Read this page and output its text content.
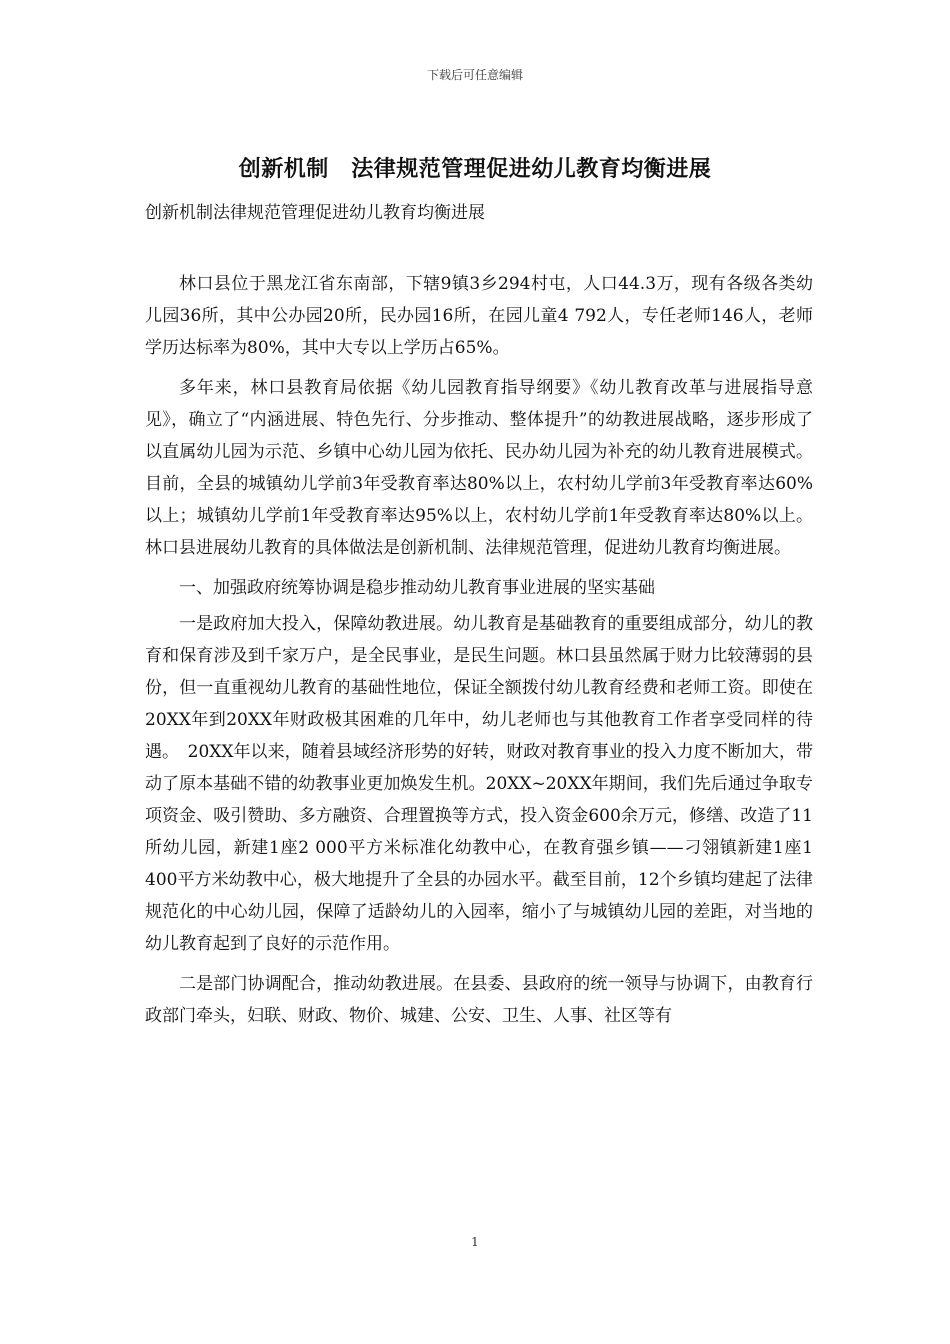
下载后可任意编辑
创新机制　法律规范管理促进幼儿教育均衡进展

创新机制法律规范管理促进幼儿教育均衡进展

林口县位于黑龙江省东南部，下辖9镇3乡294村屯，人口44.3万，现有各级各类幼儿园36所，其中公办园20所，民办园16所，在园儿童4 792人，专任老师146人，老师学历达标率为80%，其中大专以上学历占65%。

多年来，林口县教育局依据《幼儿园教育指导纲要》《幼儿教育改革与进展指导意见》，确立了“内涵进展、特色先行、分步推动、整体提升”的幼教进展战略，逐步形成了以直属幼儿园为示范、乡镇中心幼儿园为依托、民办幼儿园为补充的幼儿教育进展模式。目前，全县的城镇幼儿学前3年受教育率达80%以上，农村幼儿学前3年受教育率达60%以上；城镇幼儿学前1年受教育率达95%以上，农村幼儿学前1年受教育率达80%以上。林口县进展幼儿教育的具体做法是创新机制、法律规范管理，促进幼儿教育均衡进展。

一、加强政府统筹协调是稳步推动幼儿教育事业进展的坚实基础

一是政府加大投入，保障幼教进展。幼儿教育是基础教育的重要组成部分，幼儿的教育和保育涉及到千家万户，是全民事业，是民生问题。林口县虽然属于财力比较薄弱的县份，但一直重视幼儿教育的基础性地位，保证全额拨付幼儿教育经费和老师工资。即使在20XX年到20XX年财政极其困难的几年中，幼儿老师也与其他教育工作者享受同样的待遇。　20XX年以来，随着县域经济形势的好转，财政对教育事业的投入力度不断加大，带动了原本基础不错的幼教事业更加焕发生机。20XX~20XX年期间，我们先后通过争取专项资金、吸引赞助、多方融资、合理置换等方式，投入资金600余万元，修缮、改造了11所幼儿园，新建1座2 000平方米标准化幼教中心，在教育强乡镇——刁翎镇新建1座1 400平方米幼教中心，极大地提升了全县的办园水平。截至目前，12个乡镇均建起了法律规范化的中心幼儿园，保障了适龄幼儿的入园率，缩小了与城镇幼儿园的差距，对当地的幼儿教育起到了良好的示范作用。

二是部门协调配合，推动幼教进展。在县委、县政府的统一领导与协调下，由教育行政部门牵头，妇联、财政、物价、城建、公安、卫生、人事、社区等有

1
